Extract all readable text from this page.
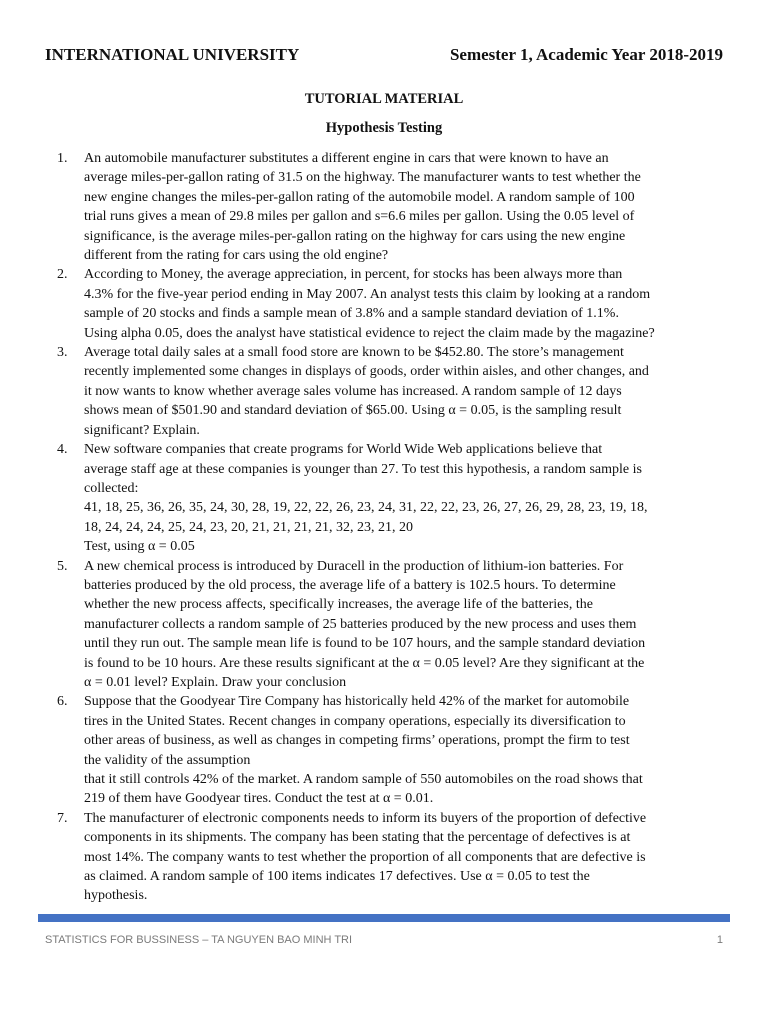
INTERNATIONAL UNIVERSITY	Semester 1, Academic Year 2018-2019
TUTORIAL MATERIAL
Hypothesis Testing
1. An automobile manufacturer substitutes a different engine in cars that were known to have an
average miles-per-gallon rating of 31.5 on the highway. The manufacturer wants to test whether the
new engine changes the miles-per-gallon rating of the automobile model. A random sample of 100
trial runs gives a mean of 29.8 miles per gallon and s=6.6 miles per gallon. Using the 0.05 level of
significance, is the average miles-per-gallon rating on the highway for cars using the new engine
different from the rating for cars using the old engine?
2. According to Money, the average appreciation, in percent, for stocks has been always more than
4.3% for the five-year period ending in May 2007. An analyst tests this claim by looking at a random
sample of 20 stocks and finds a sample mean of 3.8% and a sample standard deviation of 1.1%.
Using alpha 0.05, does the analyst have statistical evidence to reject the claim made by the magazine?
3. Average total daily sales at a small food store are known to be $452.80. The store’s management
recently implemented some changes in displays of goods, order within aisles, and other changes, and
it now wants to know whether average sales volume has increased. A random sample of 12 days
shows mean of $501.90 and standard deviation of $65.00. Using α = 0.05, is the sampling result
significant? Explain.
4. New software companies that create programs for World Wide Web applications believe that
average staff age at these companies is younger than 27. To test this hypothesis, a random sample is
collected:
41, 18, 25, 36, 26, 35, 24, 30, 28, 19, 22, 22, 26, 23, 24, 31, 22, 22, 23, 26, 27, 26, 29, 28, 23, 19, 18,
18, 24, 24, 24, 25, 24, 23, 20, 21, 21, 21, 21, 32, 23, 21, 20
Test, using α = 0.05
5. A new chemical process is introduced by Duracell in the production of lithium-ion batteries. For
batteries produced by the old process, the average life of a battery is 102.5 hours. To determine
whether the new process affects, specifically increases, the average life of the batteries, the
manufacturer collects a random sample of 25 batteries produced by the new process and uses them
until they run out. The sample mean life is found to be 107 hours, and the sample standard deviation
is found to be 10 hours. Are these results significant at the α = 0.05 level? Are they significant at the
α = 0.01 level? Explain. Draw your conclusion
6. Suppose that the Goodyear Tire Company has historically held 42% of the market for automobile
tires in the United States. Recent changes in company operations, especially its diversification to
other areas of business, as well as changes in competing firms’ operations, prompt the firm to test
the validity of the assumption
that it still controls 42% of the market. A random sample of 550 automobiles on the road shows that
219 of them have Goodyear tires. Conduct the test at α = 0.01.
7. The manufacturer of electronic components needs to inform its buyers of the proportion of defective
components in its shipments. The company has been stating that the percentage of defectives is at
most 14%. The company wants to test whether the proportion of all components that are defective is
as claimed. A random sample of 100 items indicates 17 defectives. Use α = 0.05 to test the
hypothesis.
STATISTICS FOR BUSSINESS – TA NGUYEN BAO MINH TRI	1
